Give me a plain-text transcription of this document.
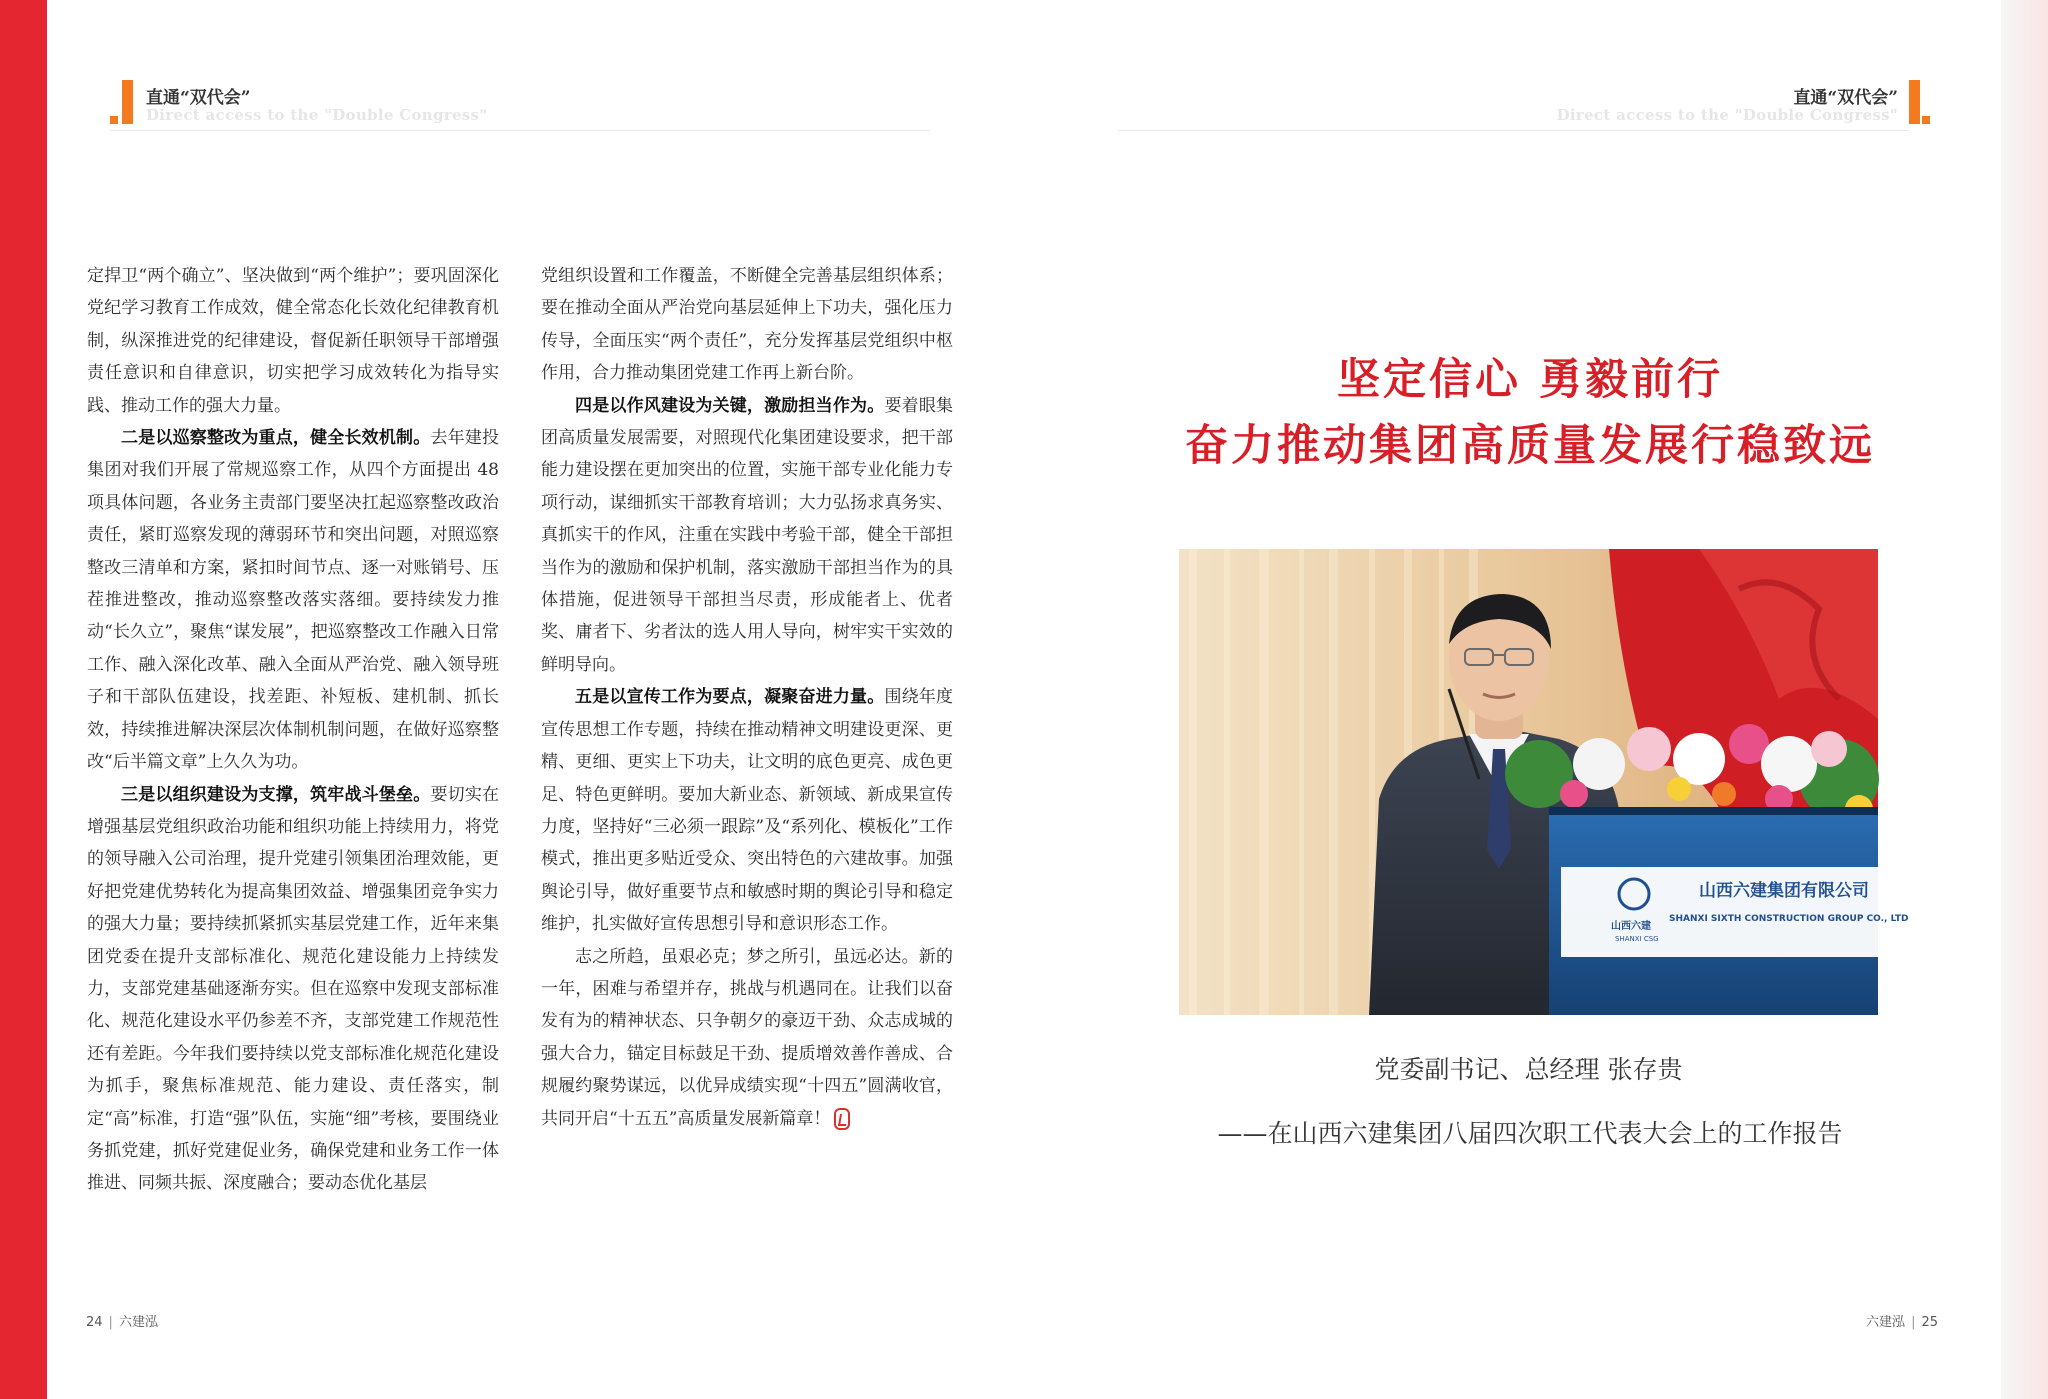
直通“双代会”
Direct access to the "Double Congress"
直通“双代会”
Direct access to the "Double Congress"

定捍卫“两个确立”、坚决做到“两个维护”；要巩固深化党纪学习教育工作成效，健全常态化长效化纪律教育机制，纵深推进党的纪律建设，督促新任职领导干部增强责任意识和自律意识，切实把学习成效转化为指导实践、推动工作的强大力量。

二是以巡察整改为重点，健全长效机制。去年建投集团对我们开展了常规巡察工作，从四个方面提出 48 项具体问题，各业务主责部门要坚决扛起巡察整改政治责任，紧盯巡察发现的薄弱环节和突出问题，对照巡察整改三清单和方案，紧扣时间节点、逐一对账销号、压茬推进整改，推动巡察整改落实落细。要持续发力推动“长久立”，聚焦“谋发展”，把巡察整改工作融入日常工作、融入深化改革、融入全面从严治党、融入领导班子和干部队伍建设，找差距、补短板、建机制、抓长效，持续推进解决深层次体制机制问题，在做好巡察整改“后半篇文章”上久久为功。

三是以组织建设为支撑，筑牢战斗堡垒。要切实在增强基层党组织政治功能和组织功能上持续用力，将党的领导融入公司治理，提升党建引领集团治理效能，更好把党建优势转化为提高集团效益、增强集团竞争实力的强大力量；要持续抓紧抓实基层党建工作，近年来集团党委在提升支部标准化、规范化建设能力上持续发力，支部党建基础逐渐夯实。但在巡察中发现支部标准化、规范化建设水平仍参差不齐，支部党建工作规范性还有差距。今年我们要持续以党支部标准化规范化建设为抓手，聚焦标准规范、能力建设、责任落实，制定“高”标准，打造“强”队伍，实施“细”考核，要围绕业务抓党建，抓好党建促业务，确保党建和业务工作一体推进、同频共振、深度融合；要动态优化基层

党组织设置和工作覆盖，不断健全完善基层组织体系；要在推动全面从严治党向基层延伸上下功夫，强化压力传导，全面压实“两个责任”，充分发挥基层党组织中枢作用，合力推动集团党建工作再上新台阶。

四是以作风建设为关键，激励担当作为。要着眼集团高质量发展需要，对照现代化集团建设要求，把干部能力建设摆在更加突出的位置，实施干部专业化能力专项行动，谋细抓实干部教育培训；大力弘扬求真务实、真抓实干的作风，注重在实践中考验干部，健全干部担当作为的激励和保护机制，落实激励干部担当作为的具体措施，促进领导干部担当尽责，形成能者上、优者奖、庸者下、劣者汰的选人用人导向，树牢实干实效的鲜明导向。

五是以宣传工作为要点，凝聚奋进力量。围绕年度宣传思想工作专题，持续在推动精神文明建设更深、更精、更细、更实上下功夫，让文明的底色更亮、成色更足、特色更鲜明。要加大新业态、新领域、新成果宣传力度，坚持好“三必须一跟踪”及“系列化、模板化”工作模式，推出更多贴近受众、突出特色的六建故事。加强舆论引导，做好重要节点和敏感时期的舆论引导和稳定维护，扎实做好宣传思想引导和意识形态工作。

志之所趋，虽艰必克；梦之所引，虽远必达。新的一年，困难与希望并存，挑战与机遇同在。让我们以奋发有为的精神状态、只争朝夕的豪迈干劲、众志成城的强大合力，锚定目标鼓足干劲、提质增效善作善成、合规履约聚势谋远，以优异成绩实现“十四五”圆满收官，共同开启“十五五”高质量发展新篇章！

坚定信心 勇毅前行
奋力推动集团高质量发展行稳致远
山西六建集团有限公司
SHANXI SIXTH CONSTRUCTION GROUP CO., LTD
山西六建
SHANXI CSG
党委副书记、总经理 张存贵
——在山西六建集团八届四次职工代表大会上的工作报告
24 | 六建泓	六建泓 | 25
